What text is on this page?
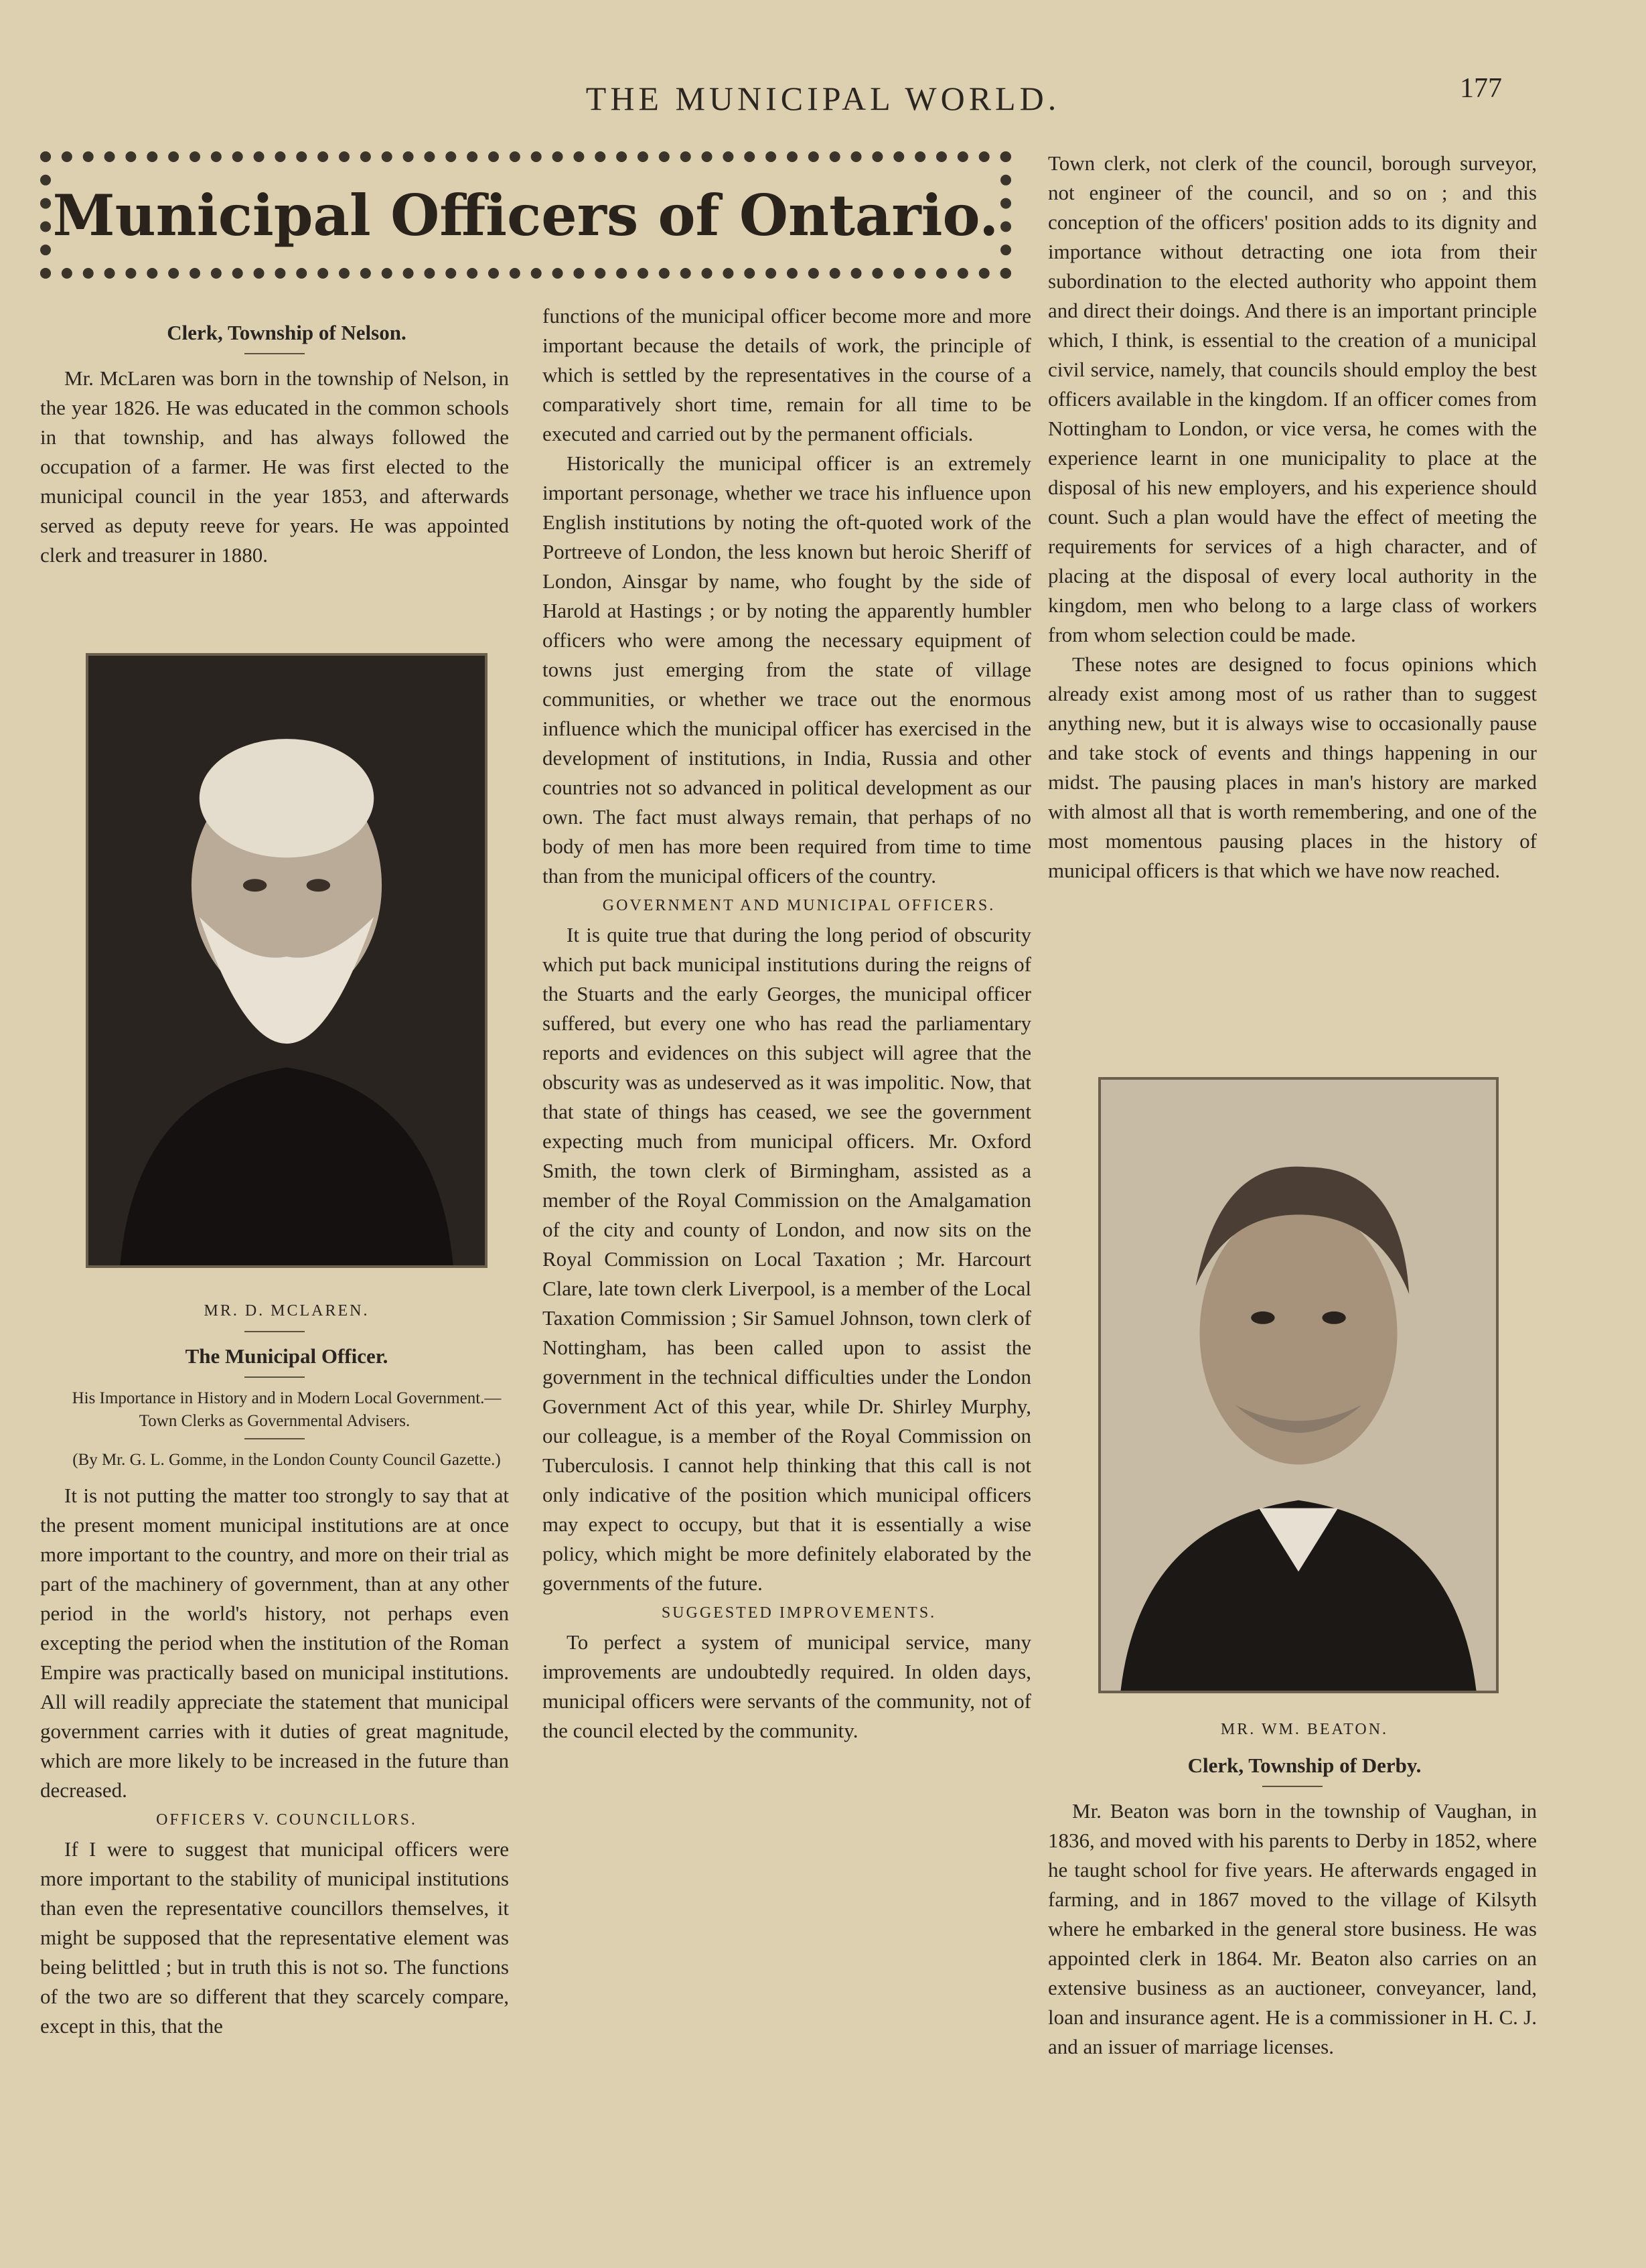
THE MUNICIPAL WORLD.	177
Municipal Officers of Ontario.

Clerk, Township of Nelson.

Mr. McLaren was born in the township of Nelson, in the year 1826. He was educated in the common schools in that township, and has always followed the occupation of a farmer. He was first elected to the municipal council in the year 1853, and afterwards served as deputy reeve for years. He was appointed clerk and treasurer in 1880.

MR. D. MCLAREN.

The Municipal Officer.

His Importance in History and in Modern Local Government.—Town Clerks as Governmental Advisers.

(By Mr. G. L. Gomme, in the London County Council Gazette.)

It is not putting the matter too strongly to say that at the present moment municipal institutions are at once more important to the country, and more on their trial as part of the machinery of government, than at any other period in the world's history, not perhaps even excepting the period when the institution of the Roman Empire was practically based on municipal institutions. All will readily appreciate the statement that municipal government carries with it duties of great magnitude, which are more likely to be increased in the future than decreased.

OFFICERS V. COUNCILLORS.

If I were to suggest that municipal officers were more important to the stability of municipal institutions than even the representative councillors themselves, it might be supposed that the representative element was being belittled ; but in truth this is not so. The functions of the two are so different that they scarcely compare, except in this, that the

functions of the municipal officer become more and more important because the details of work, the principle of which is settled by the representatives in the course of a comparatively short time, remain for all time to be executed and carried out by the permanent officials.

Historically the municipal officer is an extremely important personage, whether we trace his influence upon English institutions by noting the oft-quoted work of the Portreeve of London, the less known but heroic Sheriff of London, Ainsgar by name, who fought by the side of Harold at Hastings ; or by noting the apparently humbler officers who were among the necessary equipment of towns just emerging from the state of village communities, or whether we trace out the enormous influence which the municipal officer has exercised in the development of institutions, in India, Russia and other countries not so advanced in political development as our own. The fact must always remain, that perhaps of no body of men has more been required from time to time than from the municipal officers of the country.

GOVERNMENT AND MUNICIPAL OFFICERS.

It is quite true that during the long period of obscurity which put back municipal institutions during the reigns of the Stuarts and the early Georges, the municipal officer suffered, but every one who has read the parliamentary reports and evidences on this subject will agree that the obscurity was as undeserved as it was impolitic. Now, that that state of things has ceased, we see the government expecting much from municipal officers. Mr. Oxford Smith, the town clerk of Birmingham, assisted as a member of the Royal Commission on the Amalgamation of the city and county of London, and now sits on the Royal Commission on Local Taxation ; Mr. Harcourt Clare, late town clerk Liverpool, is a member of the Local Taxation Commission ; Sir Samuel Johnson, town clerk of Nottingham, has been called upon to assist the government in the technical difficulties under the London Government Act of this year, while Dr. Shirley Murphy, our colleague, is a member of the Royal Commission on Tuberculosis. I cannot help thinking that this call is not only indicative of the position which municipal officers may expect to occupy, but that it is essentially a wise policy, which might be more definitely elaborated by the governments of the future.

SUGGESTED IMPROVEMENTS.

To perfect a system of municipal service, many improvements are undoubtedly required. In olden days, municipal officers were servants of the community, not of the council elected by the community.

Town clerk, not clerk of the council, borough surveyor, not engineer of the council, and so on ; and this conception of the officers' position adds to its dignity and importance without detracting one iota from their subordination to the elected authority who appoint them and direct their doings. And there is an important principle which, I think, is essential to the creation of a municipal civil service, namely, that councils should employ the best officers available in the kingdom. If an officer comes from Nottingham to London, or vice versa, he comes with the experience learnt in one municipality to place at the disposal of his new employers, and his experience should count. Such a plan would have the effect of meeting the requirements for services of a high character, and of placing at the disposal of every local authority in the kingdom, men who belong to a large class of workers from whom selection could be made.

These notes are designed to focus opinions which already exist among most of us rather than to suggest anything new, but it is always wise to occasionally pause and take stock of events and things happening in our midst. The pausing places in man's history are marked with almost all that is worth remembering, and one of the most momentous pausing places in the history of municipal officers is that which we have now reached.

MR. WM. BEATON.

Clerk, Township of Derby.

Mr. Beaton was born in the township of Vaughan, in 1836, and moved with his parents to Derby in 1852, where he taught school for five years. He afterwards engaged in farming, and in 1867 moved to the village of Kilsyth where he embarked in the general store business. He was appointed clerk in 1864. Mr. Beaton also carries on an extensive business as an auctioneer, conveyancer, land, loan and insurance agent. He is a commissioner in H. C. J. and an issuer of marriage licenses.
